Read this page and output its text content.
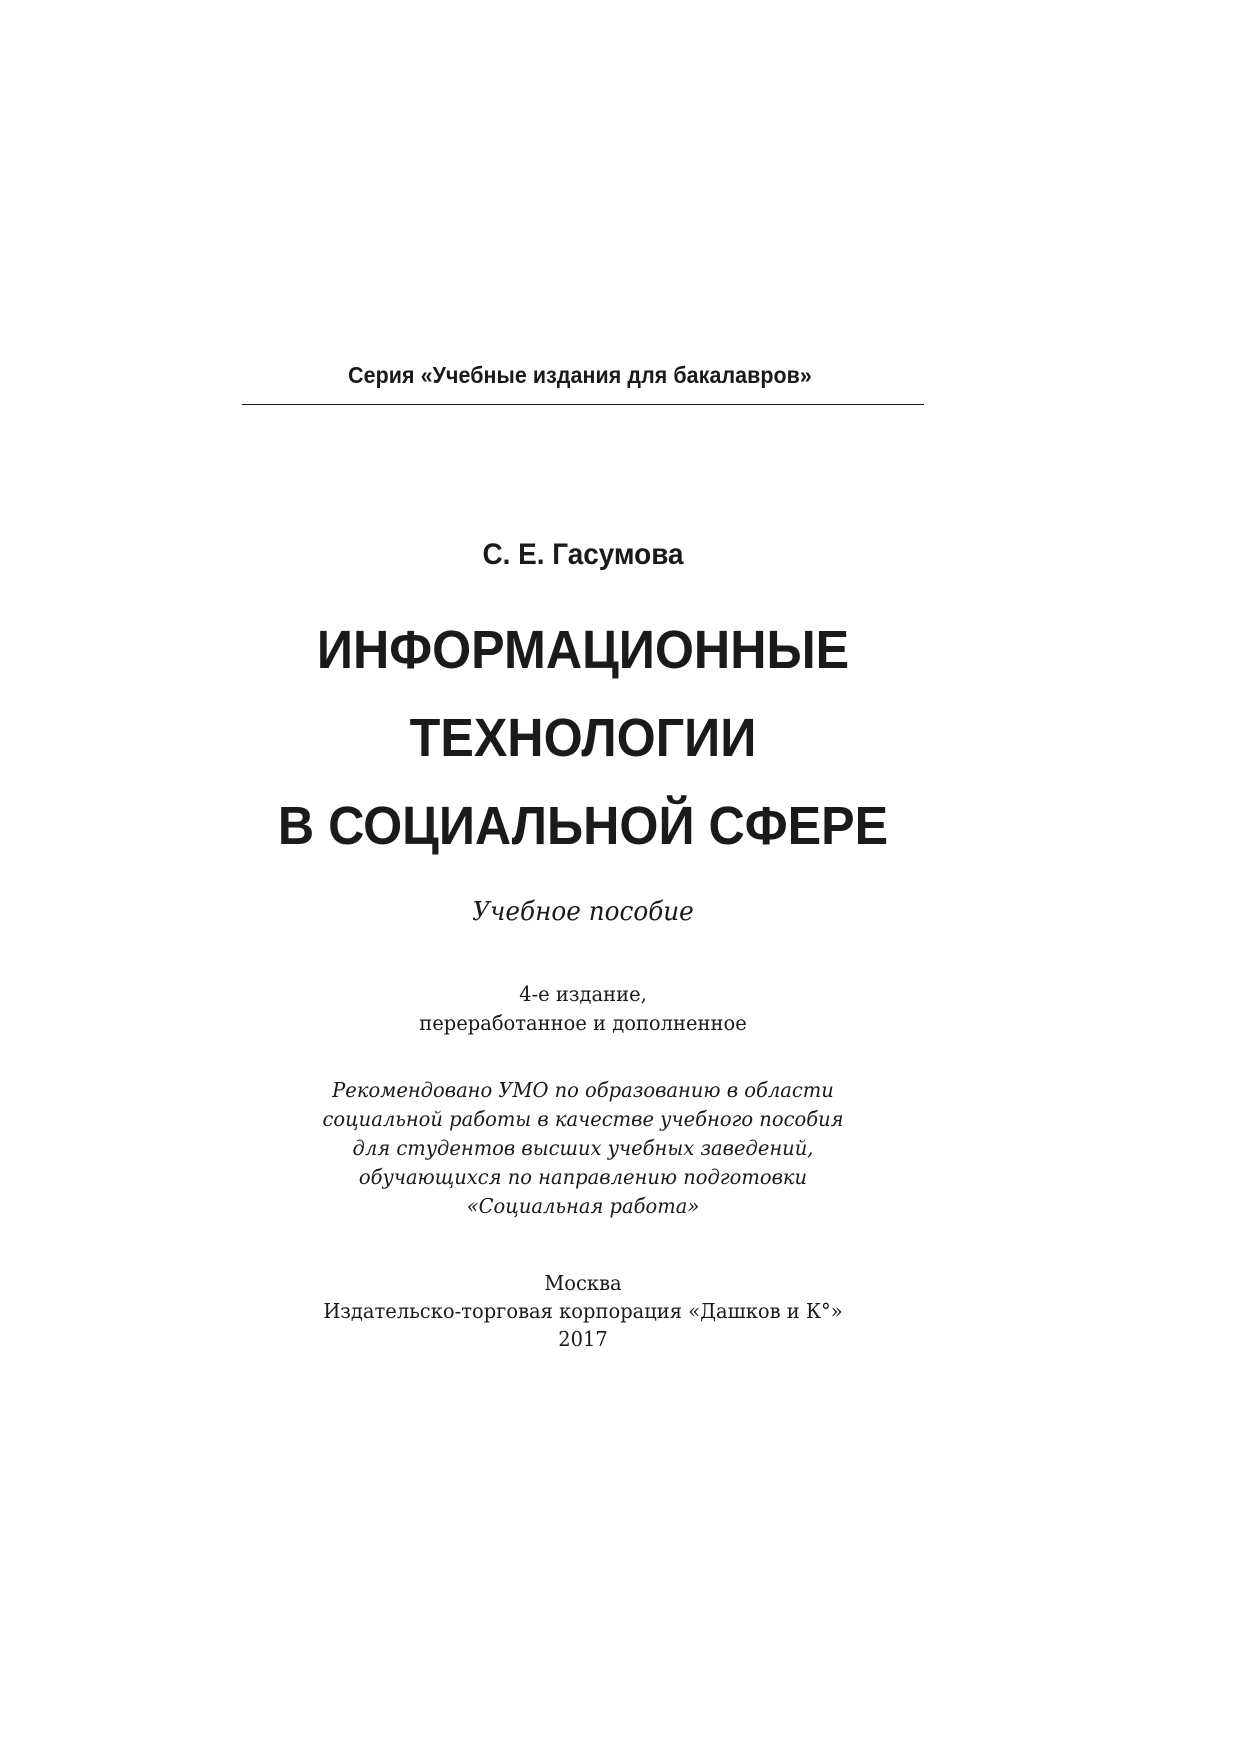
Серия «Учебные издания для бакалавров»
С. Е. Гасумова
ИНФОРМАЦИОННЫЕ
ТЕХНОЛОГИИ
В СОЦИАЛЬНОЙ СФЕРЕ
Учебное пособие
4-е издание,
переработанное и дополненное
Рекомендовано УМО по образованию в области
социальной работы в качестве учебного пособия
для студентов высших учебных заведений,
обучающихся по направлению подготовки
«Социальная работа»
Москва
Издательско-торговая корпорация «Дашков и К°»
2017
